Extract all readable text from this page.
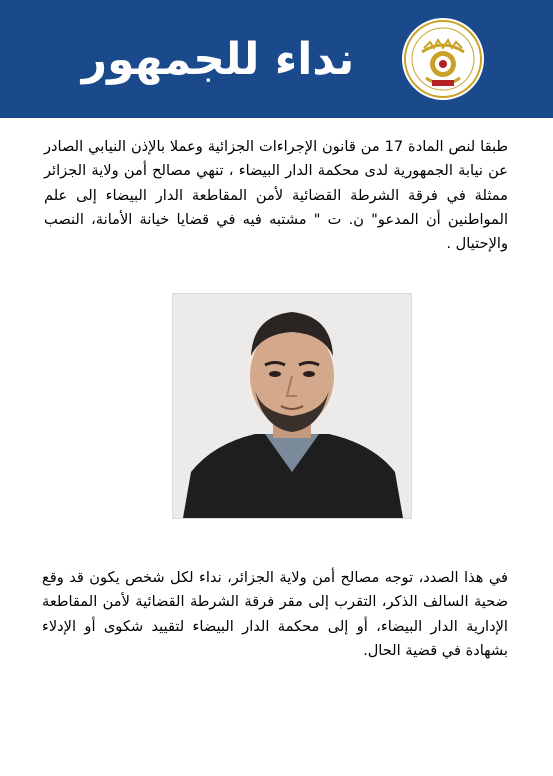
نداء للجمهور
طبقا لنص المادة 17 من قانون الإجراءات الجزائية وعملا بالإذن النيابي الصادر عن نيابة الجمهورية لدى محكمة الدار البيضاء ، تنهي مصالح أمن ولاية الجزائر ممثلة في فرقة الشرطة القضائية لأمن المقاطعة الدار البيضاء إلى علم المواطنين أن المدعو" ن. ت " مشتبه فيه في قضايا خيانة الأمانة، النصب والإحتيال .
في هذا الصدد، توجه مصالح أمن ولاية الجزائر، نداء لكل شخص يكون قد وقع ضحية السالف الذكر، التقرب إلى مقر فرقة الشرطة القضائية لأمن المقاطعة الإدارية الدار البيضاء، أو إلى محكمة الدار البيضاء لتقييد شكوى أو الإدلاء بشهادة في قضية الحال.
